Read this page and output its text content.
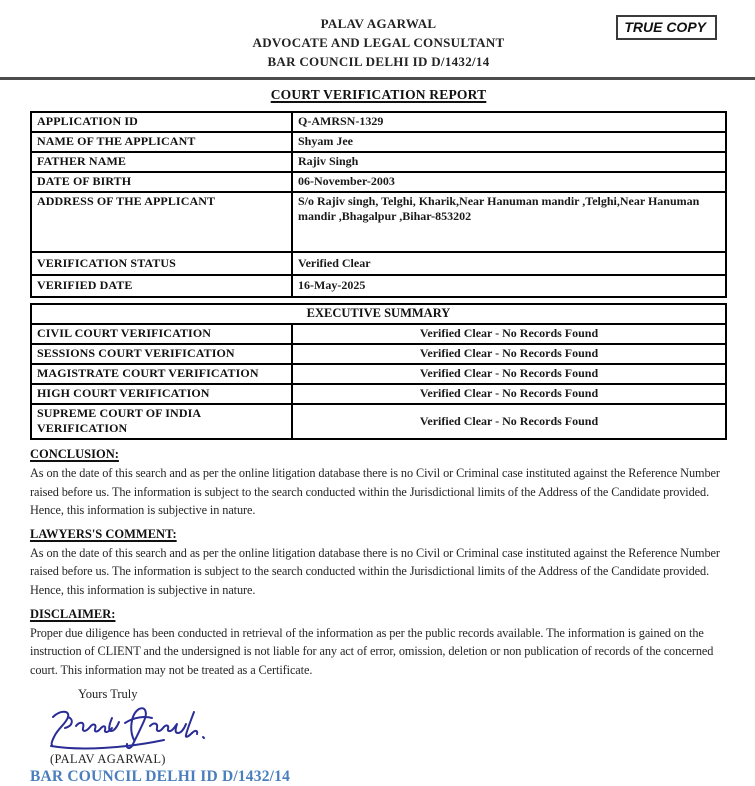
PALAV AGARWAL
ADVOCATE AND LEGAL CONSULTANT
BAR COUNCIL DELHI ID D/1432/14
TRUE COPY
COURT VERIFICATION REPORT
APPLICATION ID	Q-AMRSN-1329
NAME OF THE APPLICANT	Shyam Jee
FATHER NAME	Rajiv Singh
DATE OF BIRTH	06-November-2003
ADDRESS OF THE APPLICANT	S/o Rajiv singh, Telghi, Kharik,Near Hanuman mandir ,Telghi,Near Hanuman mandir ,Bhagalpur ,Bihar-853202
VERIFICATION STATUS	Verified Clear
VERIFIED DATE	16-May-2025
EXECUTIVE SUMMARY	
CIVIL COURT VERIFICATION	Verified Clear - No Records Found
SESSIONS COURT VERIFICATION	Verified Clear - No Records Found
MAGISTRATE COURT VERIFICATION	Verified Clear - No Records Found
HIGH COURT VERIFICATION	Verified Clear - No Records Found
SUPREME COURT OF INDIA VERIFICATION	Verified Clear - No Records Found
CONCLUSION:
As on the date of this search and as per the online litigation database there is no Civil or Criminal case instituted against the Reference Number raised before us. The information is subject to the search conducted within the Jurisdictional limits of the Address of the Candidate provided. Hence, this information is subjective in nature.
LAWYERS'S COMMENT:
As on the date of this search and as per the online litigation database there is no Civil or Criminal case instituted against the Reference Number raised before us. The information is subject to the search conducted within the Jurisdictional limits of the Address of the Candidate provided. Hence, this information is subjective in nature.
DISCLAIMER:
Proper due diligence has been conducted in retrieval of the information as per the public records available. The information is gained on the instruction of CLIENT and the undersigned is not liable for any act of error, omission, deletion or non publication of records of the concerned court. This information may not be treated as a Certificate.
Yours Truly
(PALAV AGARWAL)
BAR COUNCIL DELHI ID D/1432/14
